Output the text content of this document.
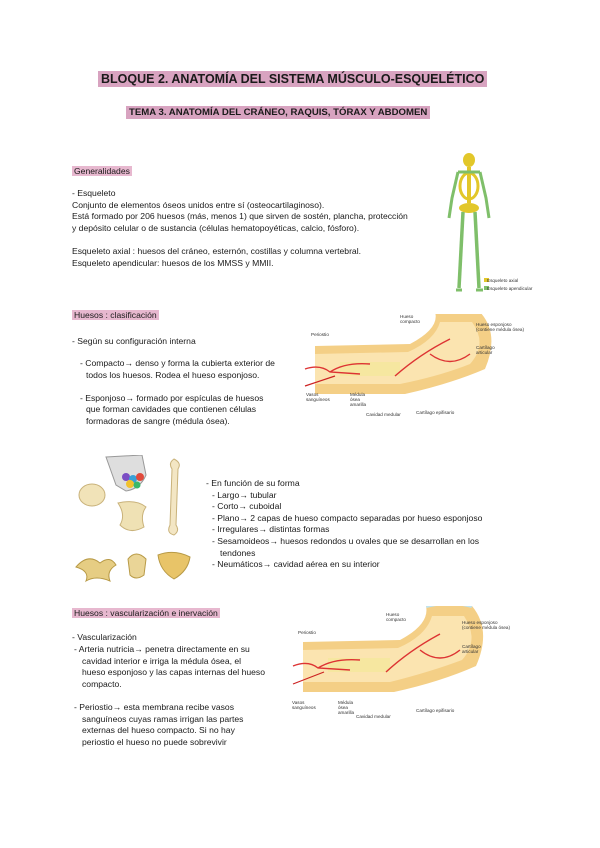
BLOQUE 2. ANATOMÍA DEL SISTEMA MÚSCULO-ESQUELÉTICO
TEMA 3. ANATOMÍA DEL CRÁNEO, RAQUIS, TÓRAX Y ABDOMEN
Generalidades
- Esqueleto
Conjunto de elementos óseos unidos entre sí (osteocartilaginoso).
Está formado por 206 huesos (más, menos 1) que sirven de sostén, plancha, protección
y depósito celular o de sustancia (células hematopoyéticas, calcio, fósforo).
Esqueleto axial : huesos del cráneo, esternón, costillas y columna vertebral.
Esqueleto apendicular: huesos de los MMSS y MMII.
Esqueleto axial
Esqueleto apendicular
Huesos : clasificación
- Según su configuración interna
- Compacto→ denso y forma la cubierta exterior de
todos los huesos. Rodea el hueso esponjoso.
- Esponjoso→ formado por espículas de huesos
que forman cavidades que contienen células
formadoras de sangre (médula ósea).
Periostio
Hueso compacto
Hueso esponjoso (contiene médula ósea)
Cartílago articular
Vasos sanguíneos
Médula ósea amarilla
Cavidad medular	Cartílago epifisario
- En función de su forma
- Largo→ tubular
- Corto→ cuboidal
- Plano→ 2 capas de hueso compacto separadas por hueso esponjoso
- Irregulares→ distintas formas
- Sesamoideos→ huesos redondos u ovales que se desarrollan en los
tendones
- Neumáticos→ cavidad aérea en su interior
Huesos : vascularización e inervación
- Vascularización
- Arteria nutricia→ penetra directamente en su
cavidad interior e irriga la médula ósea, el
hueso esponjoso y las capas internas del hueso
compacto.
- Periostio→ esta membrana recibe vasos
sanguíneos cuyas ramas irrigan las partes
externas del hueso compacto. Si no hay
periostio el hueso no puede sobrevivir
Periostio
Hueso compacto
Hueso esponjoso (contiene médula ósea)
Cartílago articular
Vasos sanguíneos
Médula ósea amarilla
Cavidad medular
Cartílago epifisario
